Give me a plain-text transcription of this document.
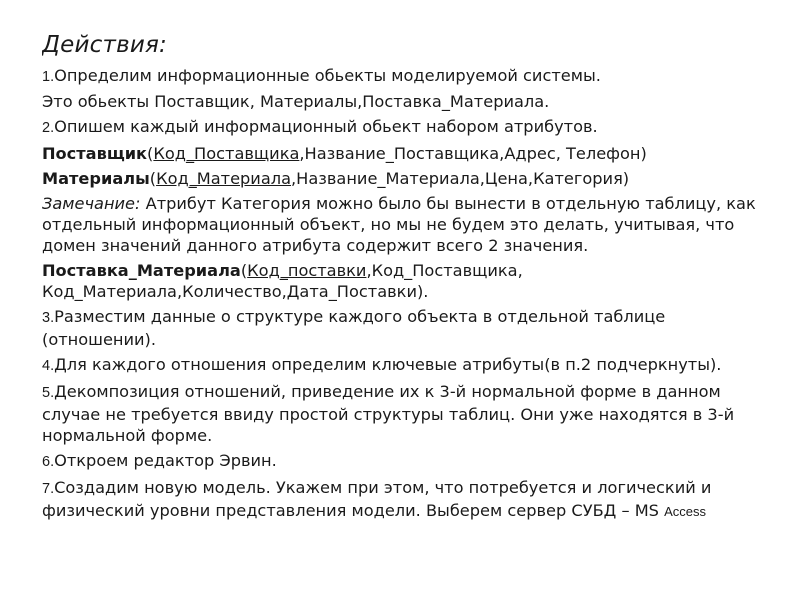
Действия:
1.Определим информационные обьекты моделируемой системы.
Это обьекты Поставщик, Материалы,Поставка_Материала.
2.Опишем каждый информационный обьект набором атрибутов.
Поставщик(Код_Поставщика,Название_Поставщика,Адрес, Телефон)
Материалы(Код_Материала,Название_Материала,Цена,Категория)
Замечание: Атрибут Категория можно было бы вынести в отдельную таблицу, как отдельный информационный объект, но мы не будем это делать, учитывая, что домен значений данного атрибута содержит всего 2 значения.
Поставка_Материала(Код_поставки,Код_Поставщика, Код_Материала,Количество,Дата_Поставки).
3.Разместим данные о структуре каждого объекта в отдельной таблице (отношении).
4.Для каждого отношения определим ключевые атрибуты(в п.2 подчеркнуты).
5.Декомпозиция отношений, приведение их к 3-й нормальной форме в данном случае не требуется ввиду простой структуры таблиц. Они уже находятся в 3-й нормальной форме.
6.Откроем редактор Эрвин.
7.Создадим новую модель. Укажем при этом, что потребуется и логический и физический уровни представления модели. Выберем сервер СУБД – MS Access
